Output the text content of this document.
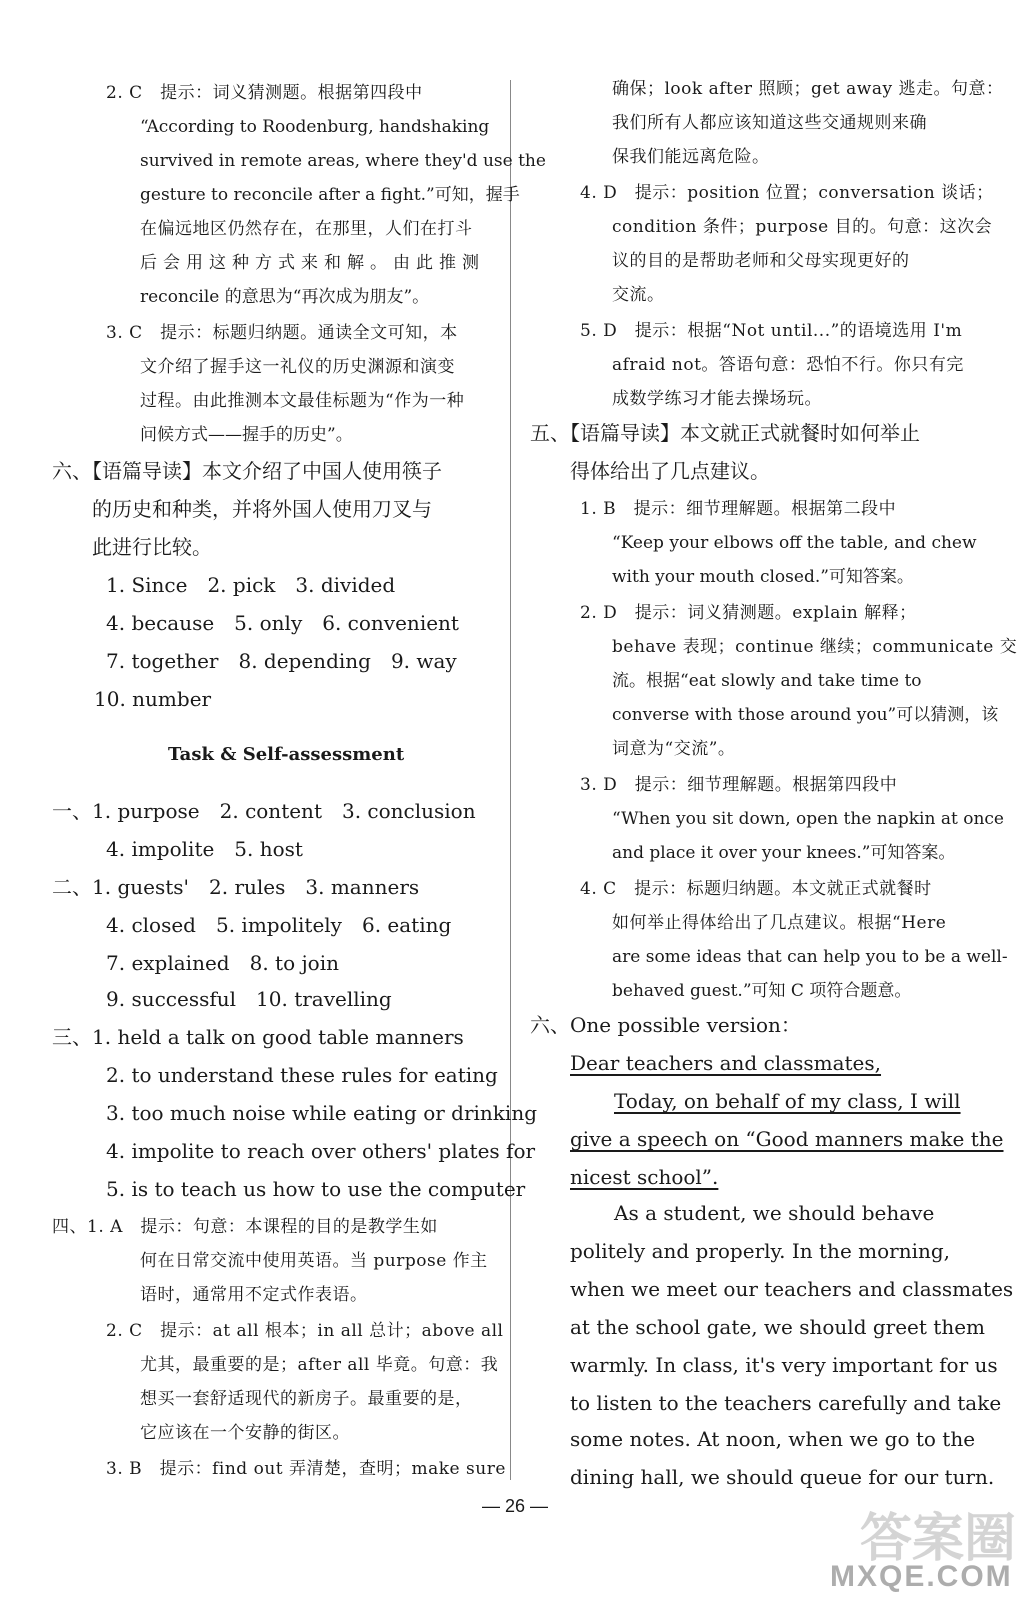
2. C　提示：词义猜测题。根据第四段中
“According to Roodenburg, handshaking
survived in remote areas, where they'd use the
gesture to reconcile after a fight.”可知，握手
在偏远地区仍然存在，在那里，人们在打斗
后会用这种方式来和解。由此推测
reconcile 的意思为“再次成为朋友”。
3. C　提示：标题归纳题。通读全文可知，本
文介绍了握手这一礼仪的历史渊源和演变
过程。由此推测本文最佳标题为“作为一种
问候方式——握手的历史”。
六、【语篇导读】本文介绍了中国人使用筷子
的历史和种类，并将外国人使用刀叉与
此进行比较。
1. Since　2. pick　3. divided
4. because　5. only　6. convenient
7. together　8. depending　9. way
10. number
Task & Self-assessment
一、1. purpose　2. content　3. conclusion
4. impolite　5. host
二、1. guests'　2. rules　3. manners
4. closed　5. impolitely　6. eating
7. explained　8. to join
9. successful　10. travelling
三、1. held a talk on good table manners
2. to understand these rules for eating
3. too much noise while eating or drinking
4. impolite to reach over others' plates for
5. is to teach us how to use the computer
四、1. A　提示：句意：本课程的目的是教学生如
何在日常交流中使用英语。当 purpose 作主
语时，通常用不定式作表语。
2. C　提示：at all 根本；in all 总计；above all
尤其，最重要的是；after all 毕竟。句意：我
想买一套舒适现代的新房子。最重要的是，
它应该在一个安静的街区。
3. B　提示：find out 弄清楚，查明；make sure
确保；look after 照顾；get away 逃走。句意：
我们所有人都应该知道这些交通规则来确
保我们能远离危险。
4. D　提示：position 位置；conversation 谈话；
condition 条件；purpose 目的。句意：这次会
议的目的是帮助老师和父母实现更好的
交流。
5. D　提示：根据“Not until...”的语境选用 I'm
afraid not。答语句意：恐怕不行。你只有完
成数学练习才能去操场玩。
五、【语篇导读】本文就正式就餐时如何举止
得体给出了几点建议。
1. B　提示：细节理解题。根据第二段中
“Keep your elbows off the table, and chew
with your mouth closed.”可知答案。
2. D　提示：词义猜测题。explain 解释；
behave 表现；continue 继续；communicate 交
流。根据“eat slowly and take time to
converse with those around you”可以猜测，该
词意为“交流”。
3. D　提示：细节理解题。根据第四段中
“When you sit down, open the napkin at once
and place it over your knees.”可知答案。
4. C　提示：标题归纳题。本文就正式就餐时
如何举止得体给出了几点建议。根据“Here
are some ideas that can help you to be a well-
behaved guest.”可知 C 项符合题意。
六、One possible version：
Dear teachers and classmates,
Today, on behalf of my class, I will
give a speech on “Good manners make the
nicest school”.
As a student, we should behave
politely and properly. In the morning,
when we meet our teachers and classmates
at the school gate, we should greet them
warmly. In class, it's very important for us
to listen to the teachers carefully and take
some notes. At noon, when we go to the
dining hall, we should queue for our turn.
— 26 —
答案圈
MXQE.COM
